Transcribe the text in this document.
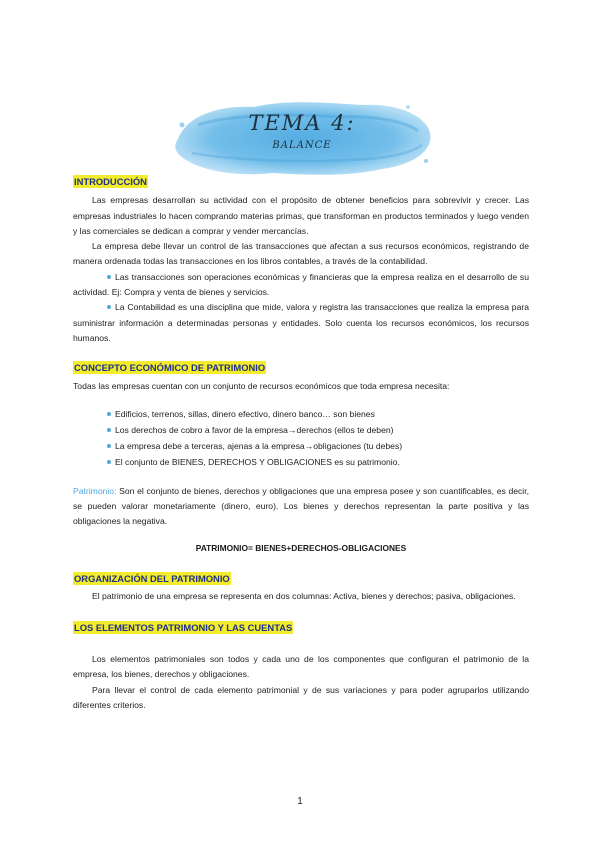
TEMA 4:
BALANCE
INTRODUCCIÓN

Las empresas desarrollan su actividad con el propósito de obtener beneficios para sobrevivir y crecer. Las empresas industriales lo hacen comprando materias primas, que transforman en productos terminados y luego venden y las comerciales se dedican a comprar y vender mercancías.

La empresa debe llevar un control de las transacciones que afectan a sus recursos económicos, registrando de manera ordenada todas las transacciones en los libros contables, a través de la contabilidad.

Las transacciones son operaciones económicas y financieras que la empresa realiza en el desarrollo de su actividad. Ej: Compra y venta de bienes y servicios.

La Contabilidad es una disciplina que mide, valora y registra las transacciones que realiza la empresa para suministrar información a determinadas personas y entidades. Solo cuenta los recursos económicos, los recursos humanos.

CONCEPTO ECONÓMICO DE PATRIMONIO

Todas las empresas cuentan con un conjunto de recursos económicos que toda empresa necesita:

Edificios, terrenos, sillas, dinero efectivo, dinero banco… son bienes
Los derechos de cobro a favor de la empresa→derechos (ellos te deben)
La empresa debe a terceras, ajenas a la empresa→obligaciones (tu debes)
El conjunto de BIENES, DERECHOS Y OBLIGACIONES es su patrimonio.

Patrimonio: Son el conjunto de bienes, derechos y obligaciones que una empresa posee y son cuantificables, es decir, se pueden valorar monetariamente (dinero, euro). Los bienes y derechos representan la parte positiva y las obligaciones la negativa.

PATRIMONIO= BIENES+DERECHOS-OBLIGACIONES

ORGANIZACIÓN DEL PATRIMONIO

El patrimonio de una empresa se representa en dos columnas: Activa, bienes y derechos; pasiva, obligaciones.

LOS ELEMENTOS PATRIMONIO Y LAS CUENTAS

Los elementos patrimoniales son todos y cada uno de los componentes que configuran el patrimonio de la empresa, los bienes, derechos y obligaciones.

Para llevar el control de cada elemento patrimonial y de sus variaciones y para poder agruparlos utilizando diferentes criterios.

1
